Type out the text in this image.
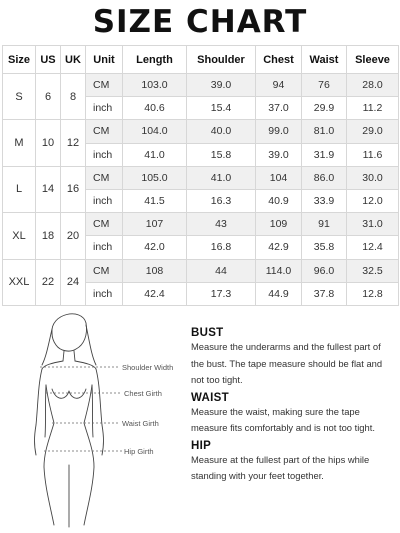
SIZE CHART
Size	US	UK	Unit	Length	Shoulder	Chest	Waist	Sleeve
S	6	8	CM	103.0	39.0	94	76	28.0
			inch	40.6	15.4	37.0	29.9	11.2
M	10	12	CM	104.0	40.0	99.0	81.0	29.0
			inch	41.0	15.8	39.0	31.9	11.6
L	14	16	CM	105.0	41.0	104	86.0	30.0
			inch	41.5	16.3	40.9	33.9	12.0
XL	18	20	CM	107	43	109	91	31.0
			inch	42.0	16.8	42.9	35.8	12.4
XXL	22	24	CM	108	44	114.0	96.0	32.5
			inch	42.4	17.3	44.9	37.8	12.8
Shoulder Width
Chest Girth
Waist Girth
Hip Girth
BUST
Measure the underarms and the fullest part of the bust. The tape measure should be flat and not too tight.
WAIST
Measure the waist, making sure the tape measure fits comfortably and is not too tight.
HIP
Measure at the fullest part of the hips while standing with your feet together.
